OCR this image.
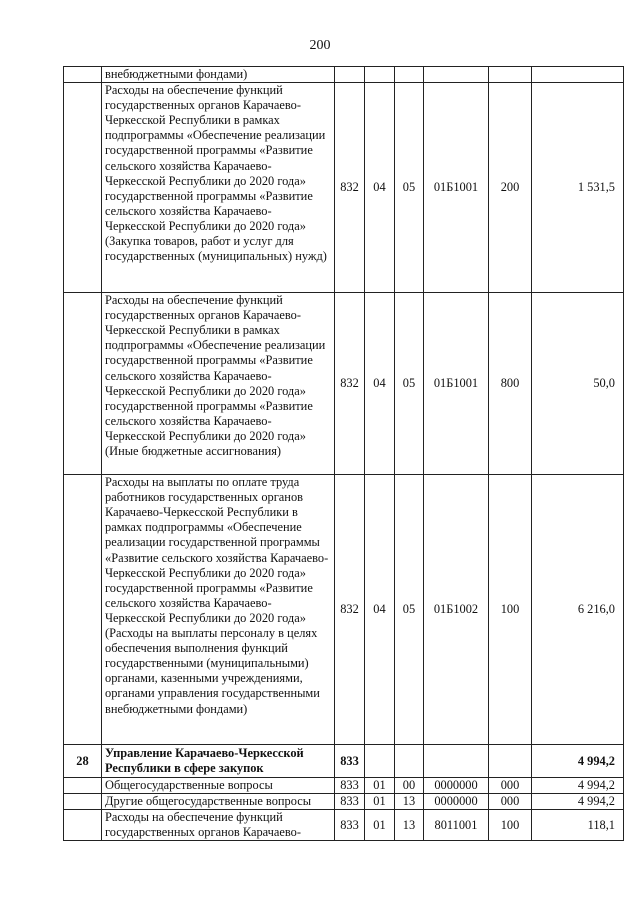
200
	внебюджетными фондами)						
	Расходы на обеспечение функций государственных органов Карачаево-Черкесской Республики в рамках подпрограммы «Обеспечение реализации государственной программы «Развитие сельского хозяйства Карачаево-Черкесской Республики до 2020 года» государственной программы «Развитие сельского хозяйства Карачаево-Черкесской Республики до 2020 года» (Закупка товаров, работ и услуг для государственных (муниципальных) нужд)	832	04	05	01Б1001	200	1 531,5
	Расходы на обеспечение функций государственных органов Карачаево-Черкесской Республики в рамках подпрограммы «Обеспечение реализации государственной программы «Развитие сельского хозяйства Карачаево-Черкесской Республики до 2020 года» государственной программы «Развитие сельского хозяйства Карачаево-Черкесской Республики до 2020 года» (Иные бюджетные ассигнования)	832	04	05	01Б1001	800	50,0
	Расходы на выплаты по оплате труда работников государственных органов Карачаево-Черкесской Республики в рамках подпрограммы «Обеспечение реализации государственной программы «Развитие сельского хозяйства Карачаево-Черкесской Республики до 2020 года» государственной программы «Развитие сельского хозяйства Карачаево-Черкесской Республики до 2020 года» (Расходы на выплаты персоналу в целях обеспечения выполнения функций государственными (муниципальными) органами, казенными учреждениями, органами управления государственными внебюджетными фондами)	832	04	05	01Б1002	100	6 216,0
28	Управление Карачаево-Черкесской Республики в сфере закупок	833					4 994,2
	Общегосударственные вопросы	833	01	00	0000000	000	4 994,2
	Другие общегосударственные вопросы	833	01	13	0000000	000	4 994,2
	Расходы на обеспечение функций государственных органов Карачаево-	833	01	13	8011001	100	118,1
